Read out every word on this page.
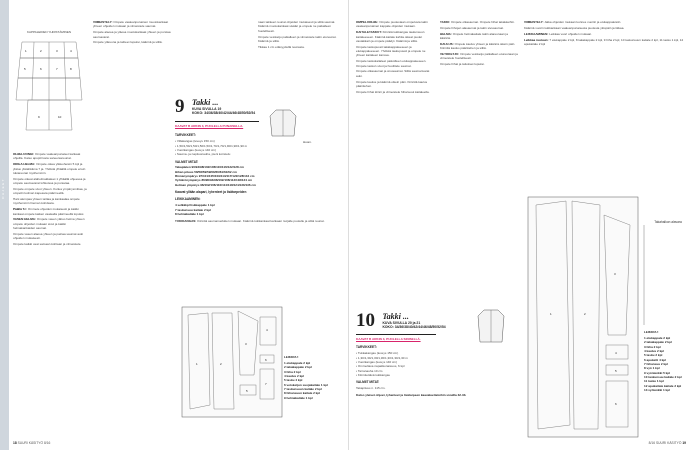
OHJEET
KAPPALEIDEN YHDISTÄMINEN
1	2	3	4
5	6	7	8
9	10

OHJELUONGI: Ompele vaaleanpunaiset kankaat ohjeilla. Katso apupiirrosta saneerasreunat.

OIKEA HELMA: Ompele oikea ylätuoheisin 5 kpl ja ylätuo ylätahkäma 7 ja. Yhdistä ylhäällä ompele ensin tukiareunat myöhemmin.

Ompele oikeat alahelmakkaleet 1 ylhäällä ohjeessa ja ompele saumavarat lohkoissa ja purastaa.

Ompele ompele sivut yhteen. Kuitua ympärysmittaa, ja ompelin kulman kapeasta päärmeellä.

Hani alempaa yhteen taittaa ja kankaalaa ompele myöhemmin hieman kohdasta.

Päällä 7c: Ommele ohjeiden mukaisesti ja kaikki kankaat ompele kaiken vaalealla päärmeellä lopuksi.

VASEN HELMA: Ompele vasen ylätuo helma yhteen ompele ohjeiden mukaan sivut ja kaikki helmakankaiden saumat.

Ompele vasen alaosa yhteen ja painaa saumat auki ohjeiden mukaisesti.

Ompele kaikki osat samaan kohtaan ja viimeistele.

VIIMEISTELY: Ompele vaaleanpunainen muotokankaat yhteen ohjeiden mukaan ja viimeistele saumat.

Ompele alaosa ja yläosa muotokankaat yhteen ja purstaa saumavarat.

Ompele yläreuna ja taitteet lopuksi, käännä ja silitä.

9 Takki ...
KUVA SIVULLA 19
KOKO: 34/36/38/40/42/44/46/48/50/52/54
Huom.
KAAVAT B ARKIN 3, PUOLELLA PUNAISELLA.

TARVIKKEET:

• Villakangas (leveys 150 cm)
• 1,50/1,50/1,50/1,50/1,50/1,70/1,70/1,90/1,90/1,90 m
• Vuorikangas (leveys 140 cm)
• Sauma- ja napitusnauha, pieni koristelu

VALMIIT MITAT:

Takaplaten 90/94/98/102/106/110/116/122/128 cm
Hihan pituus 58/58/59/59/60/60/61/61/62 cm
Rinnanympärys 97/101/105/109/113/117/122/128/134 cm
Vyötärönympärys 86/90/94/98/102/106/112/118/124 cm
Helman ympärys 98/102/106/110/114/118/124/130/136 cm

Kaavat yllään alapari, lyhenteet ja lisätarpeiden

LEIKKAAMINEN:

4 selkäkpl lisäkappale 1 kpl
7 taskunsuu kaitale 2 kpl
8 helmakaitale 1 kpl

TUKIKANGAS: Kiinnitä saumamerkkien mukaan. Käännä tukikankaat kankaan nurjalle puolelle ja silitä reunat.

naan takkeen reunat ohjeiden mukaisesti ja silitä saumat. Käännä muotokankaat sisään ja ompele ne paikalleen huolellisesti.

Ompele vetoketju paikalleen ja viimeistele takin etureunat. Käännä ja silitä.

Tikkaa 1 cm etäisyydellä reunasta.

1	2
3
4
5
6
7

LEIKKUU:

1 etukappale 2 kpl
2 takakappale 2 kpl
3 hiha 2 kpl
4 kaulus 2 kpl
5 tasku 4 kpl
6 vetoketjun suojakaitale 1 kpl
7 taskunsuun kaitale 2 kpl
8 hihansuun kaitale 2 kpl
9 helmakaitale 1 kpl
18 SUURI KÄSITYÖ 8/16

OMPELUOHJE: Ompele puolestaan ompelusta takin vaaleanpunainen kappale ohjeiden mukaan.

KAITALETASKUT: Kiinnitä tukikangas taskunsuun kaitaleeseen. Käännä kaitale kahtia oikeat puolet vastakkain ja ompele päädyt. Käännä ja silitä.

Ompele taskupussit takakappaleeseen ja etukappaleeseen. Yhdistä taskupussit ja ompele ne yhteen kaitaleen kanssa.

Ompele taskukaitaleet paikoilleen etukappaleeseen. Ompele taskun sivut ja huolittele saumat.

Ompele olkasaumat ja sivusaumat. Silitä saumanvarat auki.

Ompele kaulus ja käännä oikein päin. Kiinnitä kaulus pääntiehen.

Ompele hihat kiinni ja viimeistele hihansuut kaitaleella.

TAKKI: Ompele olkasaumat. Ompele hihat takakkeihin.

Ompele hihojen alasaumat ja takin sivusaumat.

HELMA: Ompele helmakaitale takin alareunaan ja käännä.

KAULUS: Ompele kaulus yhteen ja käännä oikein päin. Kiinnitä kaulus pääntiehen ja silitä.

VETOKETJU: Ompele vetoketju paikalleen etureunaan ja viimeistele huolellisesti.

Ompele hihat ja taitokset lopuksi.

VIIMEISTELY: Jatka ohjeiden mukaan kunnes vuoriin ja etukappaleisiin.

Käännä vuorin tukikankaan vaaleanpunaisesta puolesta ylöspäin ja tikkaa.

LEIKKAAMINEN: Leikkaa vuori ohjeiden mukaan.

Leikkaa ruutuun: 7 etukappale 2 kpl, 8 takakappale 2 kpl, 9 hiha 2 kpl, 10 taskunsuun kaitale 2 kpl, 11 tasku 1 kpl, 12 apukaitale 2 kpl

10 Takki ...
KUVA SIVULLA 20 ja 21
KOKO: 34/36/38/40/42/44/46/48/50/52/54
KAAVAT B ARKIN 3, PUOLELLA SINISELLÄ.

TARVIKKEET:

• Tukkakangas (leveys 150 cm)
• 1,30/1,30/1,30/1,30/1,30/1,30/1,30 m
• Vuorikangas (leveys 140 cm)
• Ommeltava napakkonaisuus, 6 kpl
• Tarranauha 10 cm
• Kiinnitettävä tukikangas

VALMIIT MITAT:

Takapituus n. 115 cm.

Katso yleiset ohjeet, lyhenteet ja lisätarpeen kaavaluetteloihin sivuilla 32-33.

1	2
3
4
5
6
Takahalkon alavara

LEIKKUU:

1 etukappale 2 kpl
2 takakappale 2 kpl
3 hiha 2 kpl
4 kaulus 2 kpl
5 tasku 2 kpl
6 apuketti 4 kpl
7 hihansuu 2 kpl
8 vyö 1 kpl
9 vyönlenkki 5 kpl
10 taskunsuu kaitale 2 kpl
11 tasku 1 kpl
12 apukaitale kaitale 2 kpl
13 vyölenkki 1 kpl
8/16 SUURI KÄSITYÖ 19
